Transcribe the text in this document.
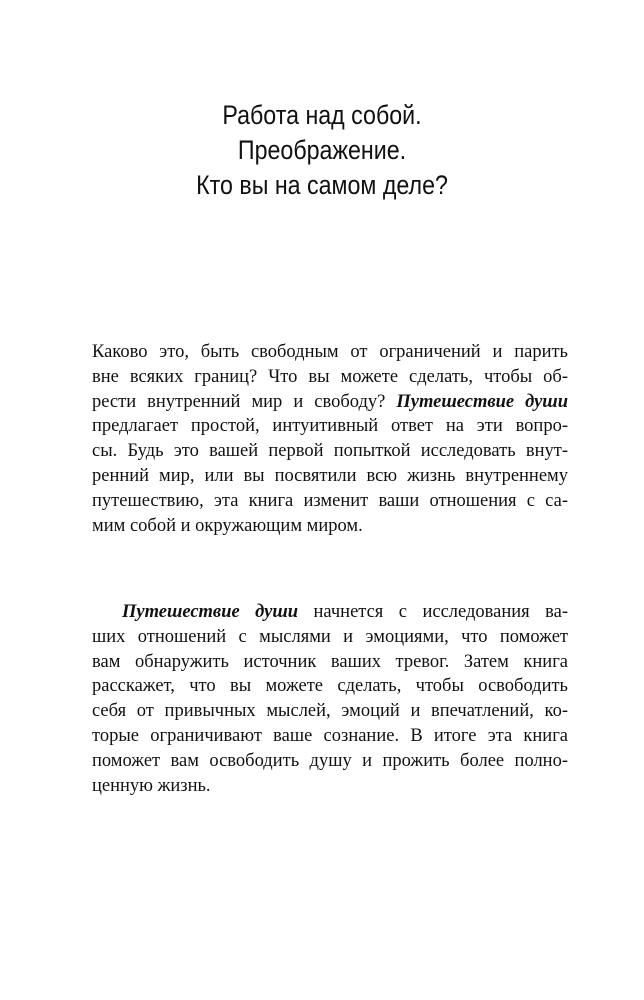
Работа над собой.
Преображение.
Кто вы на самом деле?

Каково это, быть свободным от ограничений и парить
вне всяких границ? Что вы можете сделать, чтобы об-
рести внутренний мир и свободу? Путешествие души
предлагает простой, интуитивный ответ на эти вопро-
сы. Будь это вашей первой попыткой исследовать внут-
ренний мир, или вы посвятили всю жизнь внутреннему
путешествию, эта книга изменит ваши отношения с са-
мим собой и окружающим миром.

Путешествие души начнется с исследования ва-
ших отношений с мыслями и эмоциями, что поможет
вам обнаружить источник ваших тревог. Затем книга
расскажет, что вы можете сделать, чтобы освободить
себя от привычных мыслей, эмоций и впечатлений, ко-
торые ограничивают ваше сознание. В итоге эта книга
поможет вам освободить душу и прожить более полно-
ценную жизнь.
